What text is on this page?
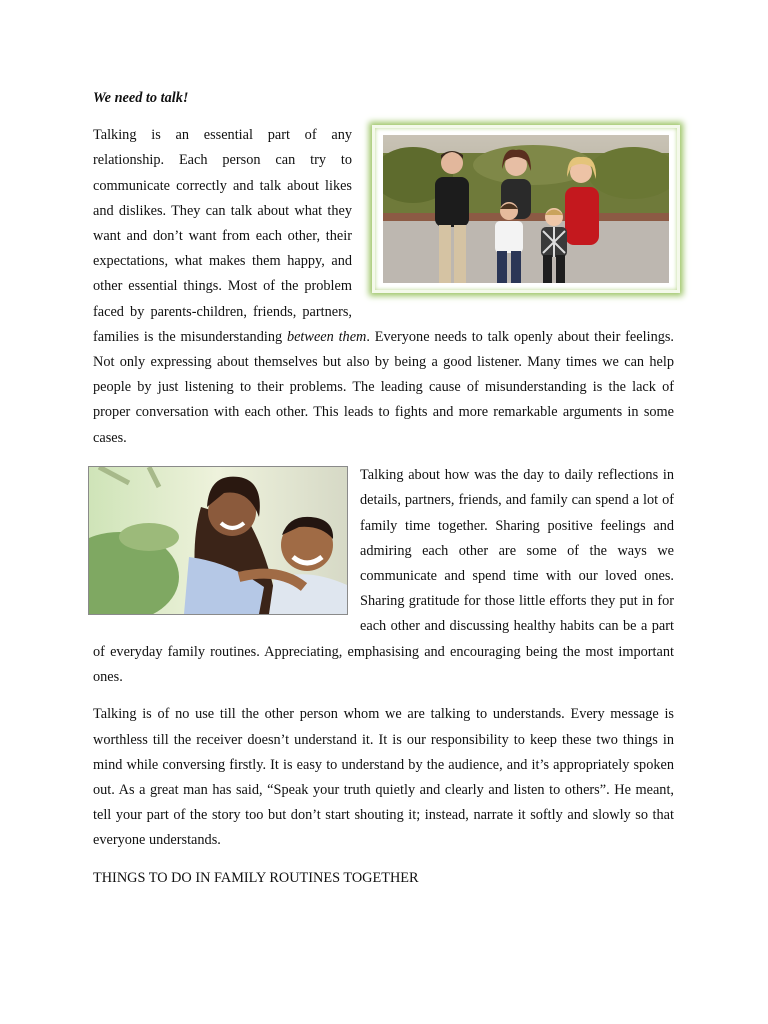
We need to talk!

Talking is an essential part of any relationship. Each person can try to communicate correctly and talk about likes and dislikes. They can talk about what they want and don’t want from each other, their expectations, what makes them happy, and other essential things. Most of the problem faced by parents-children, friends, partners, families is the misunderstanding between them. Everyone needs to talk openly about their feelings. Not only expressing about themselves but also by being a good listener. Many times we can help people by just listening to their problems. The leading cause of misunderstanding is the lack of proper conversation with each other. This leads to fights and more remarkable arguments in some cases.

Talking about how was the day to daily reflections in details, partners, friends, and family can spend a lot of family time together. Sharing positive feelings and admiring each other are some of the ways we communicate and spend time with our loved ones. Sharing gratitude for those little efforts they put in for each other and discussing healthy habits can be a part of everyday family routines. Appreciating, emphasising and encouraging being the most important ones.

Talking is of no use till the other person whom we are talking to understands. Every message is worthless till the receiver doesn’t understand it. It is our responsibility to keep these two things in mind while conversing firstly. It is easy to understand by the audience, and it’s appropriately spoken out. As a great man has said, “Speak your truth quietly and clearly and listen to others”. He meant, tell your part of the story too but don’t start shouting it; instead, narrate it softly and slowly so that everyone understands.

THINGS TO DO IN FAMILY ROUTINES TOGETHER
